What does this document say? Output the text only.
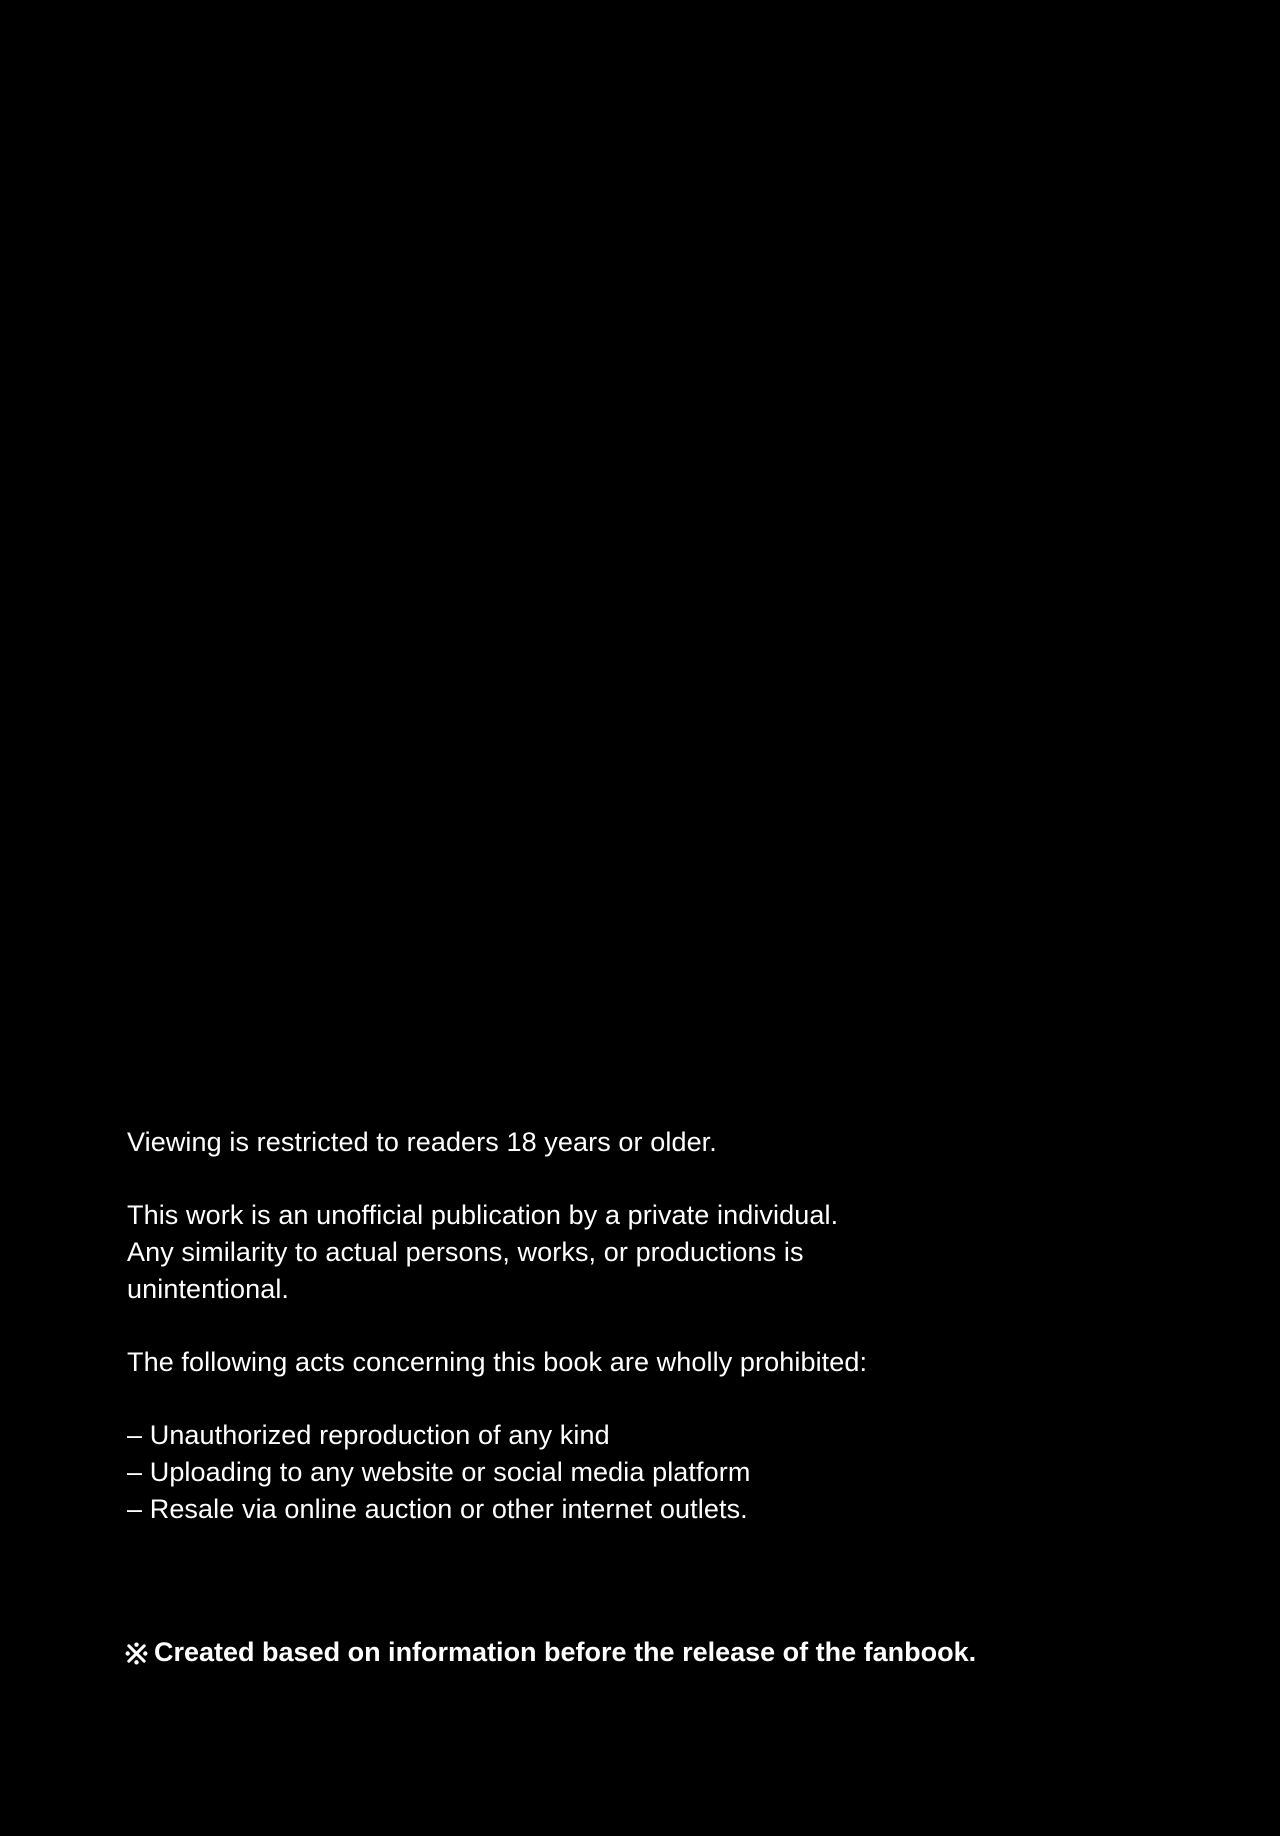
Viewing is restricted to readers 18 years or older.
This work is an unofficial publication by a private individual.
Any similarity to actual persons, works, or productions is
unintentional.
The following acts concerning this book are wholly prohibited:
– Unauthorized reproduction of any kind
– Uploading to any website or social media platform
– Resale via online auction or other internet outlets.
Created based on information before the release of the fanbook.
